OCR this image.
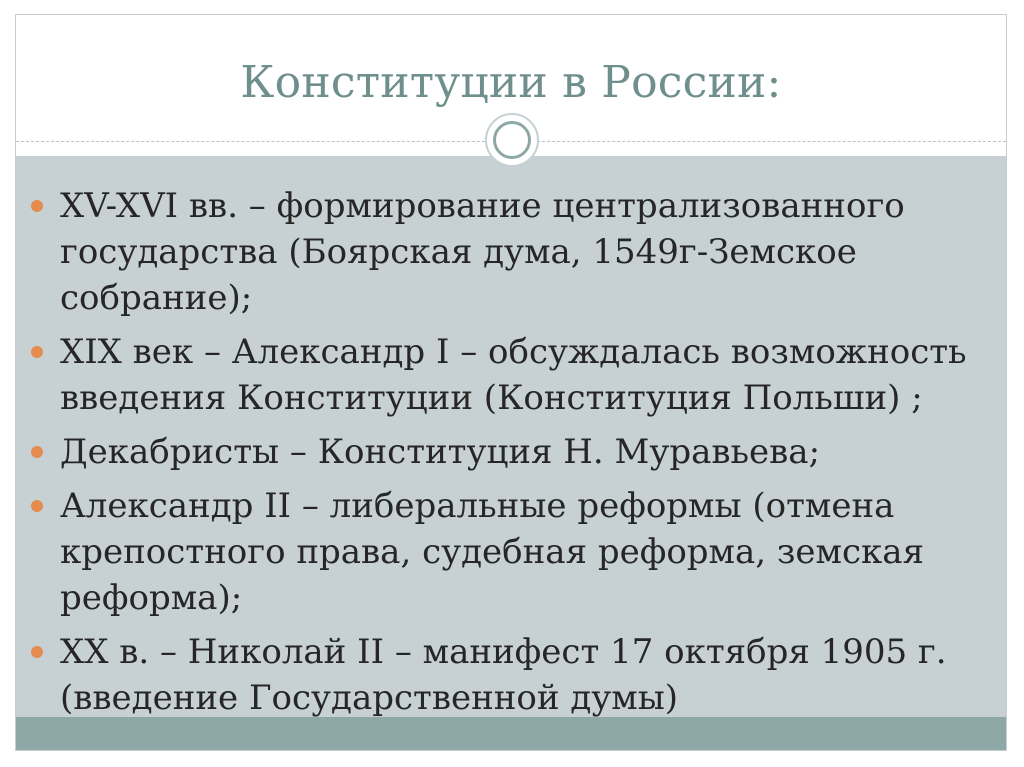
Конституции в России:
XV-XVI вв. – формирование централизованного государства (Боярская дума, 1549г-Земское собрание);
XIX век – Александр I – обсуждалась возможность введения Конституции (Конституция Польши) ;
Декабристы – Конституция Н. Муравьева;
Александр II – либеральные реформы (отмена крепостного права, судебная реформа, земская реформа);
XX в. – Николай II – манифест 17 октября 1905 г. (введение Государственной думы)
